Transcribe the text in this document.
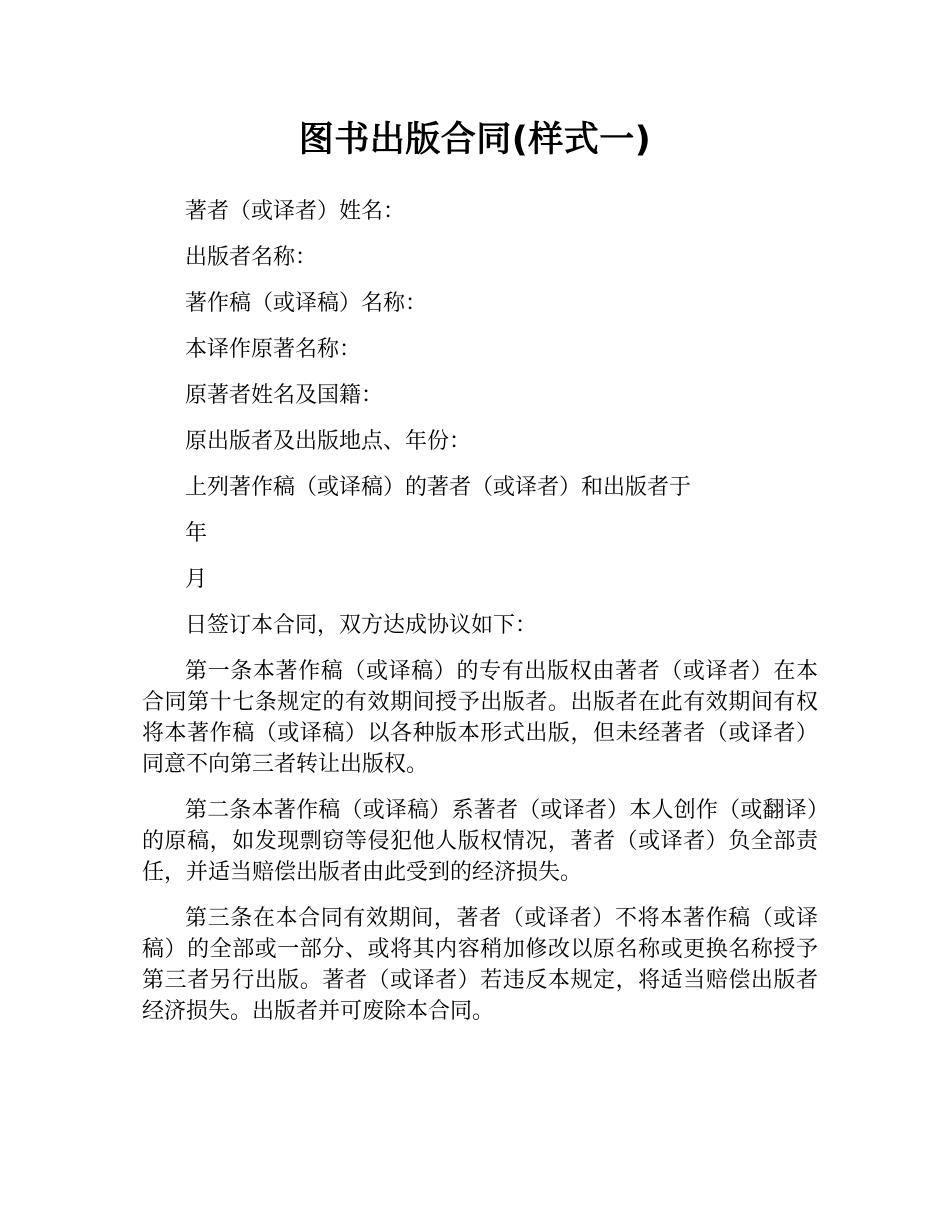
图书出版合同(样式一)

著者（或译者）姓名：

出版者名称：

著作稿（或译稿）名称：

本译作原著名称：

原著者姓名及国籍：

原出版者及出版地点、年份：

上列著作稿（或译稿）的著者（或译者）和出版者于

年

月

日签订本合同，双方达成协议如下：

第一条本著作稿（或译稿）的专有出版权由著者（或译者）在本合同第十七条规定的有效期间授予出版者。出版者在此有效期间有权将本著作稿（或译稿）以各种版本形式出版，但未经著者（或译者）同意不向第三者转让出版权。

第二条本著作稿（或译稿）系著者（或译者）本人创作（或翻译）的原稿，如发现剽窃等侵犯他人版权情况，著者（或译者）负全部责任，并适当赔偿出版者由此受到的经济损失。

第三条在本合同有效期间，著者（或译者）不将本著作稿（或译稿）的全部或一部分、或将其内容稍加修改以原名称或更换名称授予第三者另行出版。著者（或译者）若违反本规定，将适当赔偿出版者经济损失。出版者并可废除本合同。
